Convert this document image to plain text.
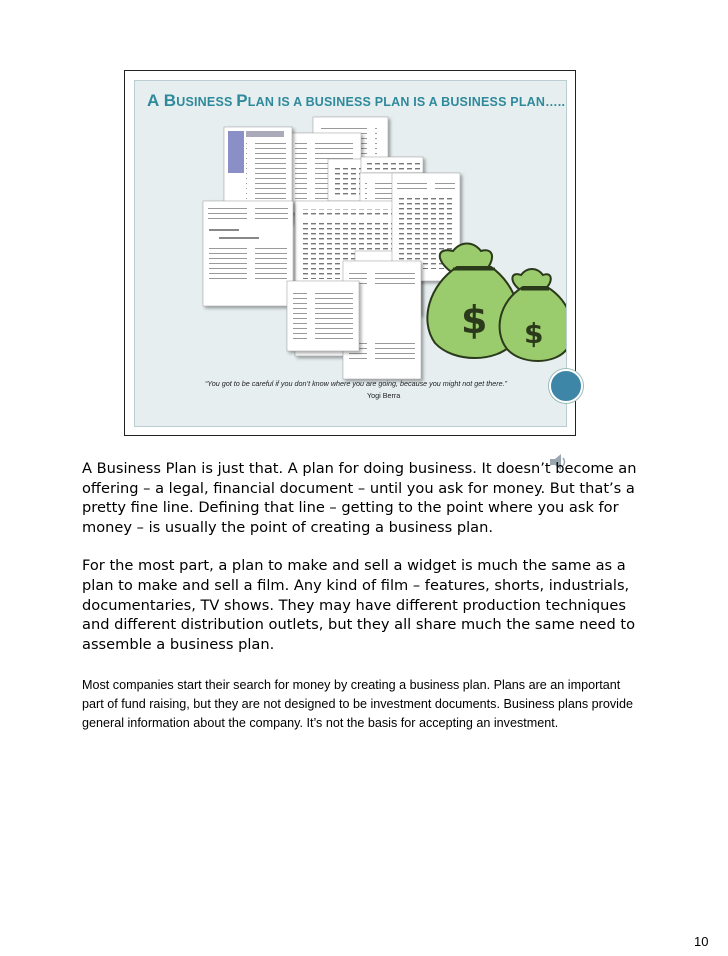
A BUSINESS PLAN IS A BUSINESS PLAN IS A BUSINESS PLAN…..
$ $
“You got to be careful if you don’t know where you are going, because you might not get there.”
Yogi Berra

A Business Plan is just that. A plan for doing business. It doesn’t become an offering – a legal, financial document – until you ask for money. But that’s a pretty fine line. Defining that line – getting to the point where you ask for money – is usually the point of creating a business plan.

For the most part, a plan to make and sell a widget is much the same as a plan to make and sell a film. Any kind of film – features, shorts, industrials, documentaries, TV shows. They may have different production techniques and different distribution outlets, but they all share much the same need to assemble a business plan.

Most companies start their search for money by creating a business plan. Plans are an important part of fund raising, but they are not designed to be investment documents. Business plans provide general information about the company. It’s not the basis for accepting an investment.

10
